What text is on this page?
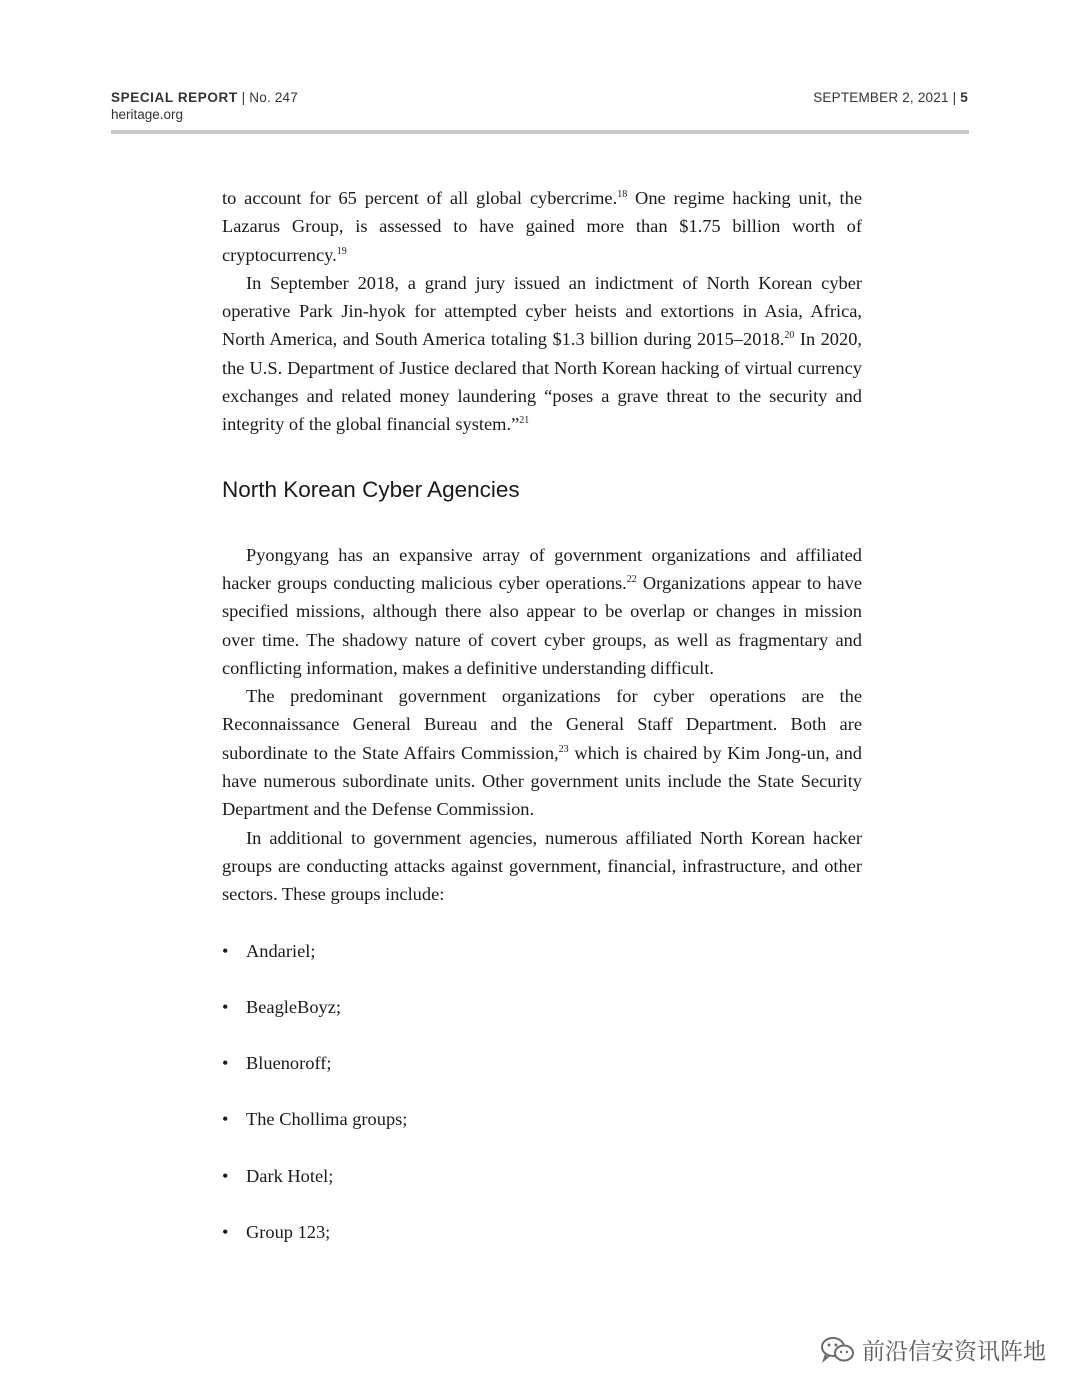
SPECIAL REPORT | No. 247
heritage.org
SEPTEMBER 2, 2021 | 5

to account for 65 percent of all global cybercrime.$^{18}$ One regime hacking unit, the Lazarus Group, is assessed to have gained more than $1.75 billion worth of cryptocurrency.$^{19}$

In September 2018, a grand jury issued an indictment of North Korean cyber operative Park Jin-hyok for attempted cyber heists and extortions in Asia, Africa, North America, and South America totaling $1.3 billion during 2015–2018.20 In 2020, the U.S. Department of Justice declared that North Korean hacking of virtual currency exchanges and related money laundering “poses a grave threat to the security and integrity of the global financial system.”$^{21}$

North Korean Cyber Agencies

Pyongyang has an expansive array of government organizations and affiliated hacker groups conducting malicious cyber operations.$^{22}$ Organizations appear to have specified missions, although there also appear to be overlap or changes in mission over time. The shadowy nature of covert cyber groups, as well as fragmentary and conflicting information, makes a definitive understanding difficult.

The predominant government organizations for cyber operations are the Reconnaissance General Bureau and the General Staff Department. Both are subordinate to the State Affairs Commission,$^{23}$ which is chaired by Kim Jong-un, and have numerous subordinate units. Other government units include the State Security Department and the Defense Commission.

In additional to government agencies, numerous affiliated North Korean hacker groups are conducting attacks against government, financial, infrastructure, and other sectors. These groups include:

• Andariel;
• BeagleBoyz;
• Bluenoroff;
• The Chollima groups;
• Dark Hotel;
• Group 123;
前沿信安资讯阵地
